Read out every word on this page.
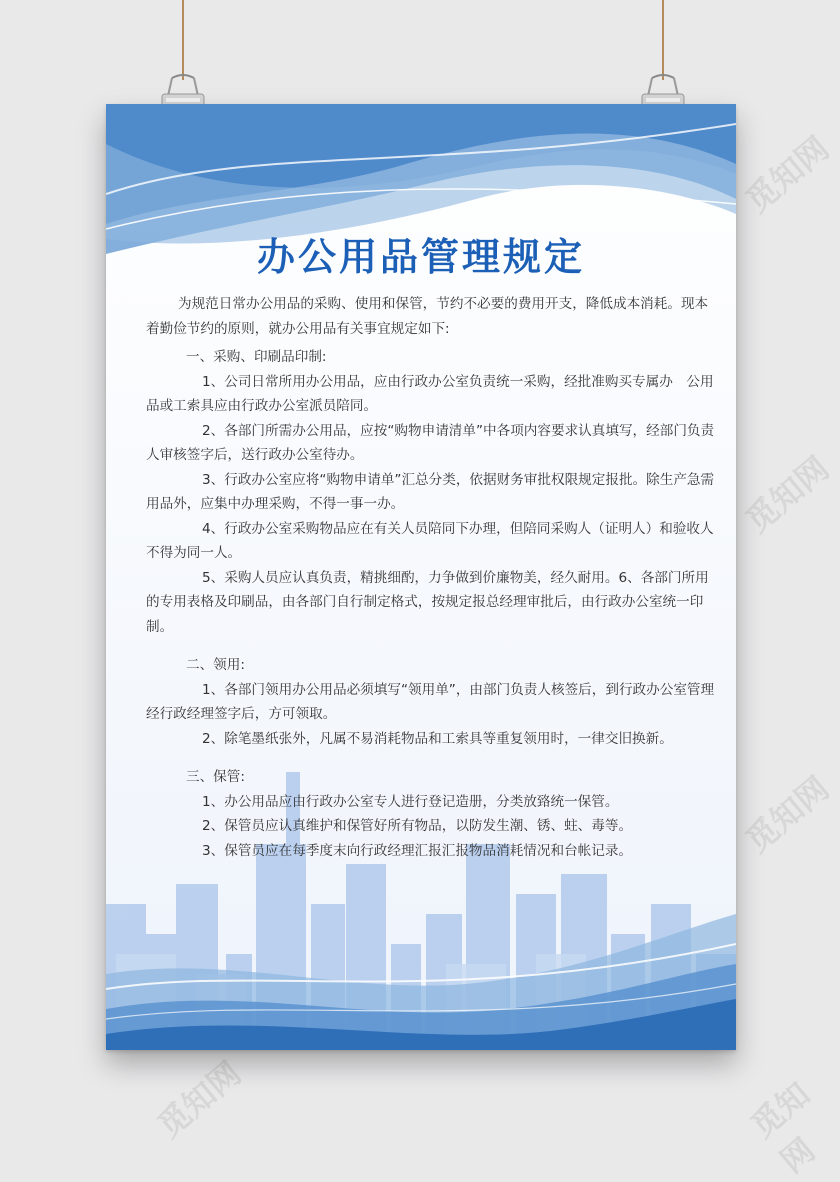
觅知网
觅知网
觅知网
觅知网	觅知网
办公用品管理规定

为规范日常办公用品的采购、使用和保管，节约不必要的费用开支，降低成本消耗。现本着勤俭节约的原则，就办公用品有关事宜规定如下:

一、采购、印刷品印制:

1、公司日常所用办公用品，应由行政办公室负责统一采购，经批准购买专属办　公用品或工索具应由行政办公室派员陪同。

2、各部门所需办公用品，应按“购物申请清单”中各项内容要求认真填写，经部门负责人审核签字后，送行政办公室待办。

3、行政办公室应将“购物申请单”汇总分类，依据财务审批权限规定报批。除生产急需用品外，应集中办理采购，不得一事一办。

4、行政办公室采购物品应在有关人员陪同下办理，但陪同采购人（证明人）和验收人不得为同一人。

5、采购人员应认真负责，精挑细酌，力争做到价廉物美，经久耐用。6、各部门所用的专用表格及印刷品，由各部门自行制定格式，按规定报总经理审批后，由行政办公室统一印制。

二、领用:

1、各部门领用办公用品必须填写“领用单”，由部门负责人核签后，到行政办公室管理经行政经理签字后，方可领取。

2、除笔墨纸张外，凡属不易消耗物品和工索具等重复领用时，一律交旧换新。

三、保管:

1、办公用品应由行政办公室专人进行登记造册，分类放臵统一保管。

2、保管员应认真维护和保管好所有物品，以防发生潮、锈、蛀、毒等。

3、保管员应在每季度末向行政经理汇报汇报物品消耗情况和台帐记录。
